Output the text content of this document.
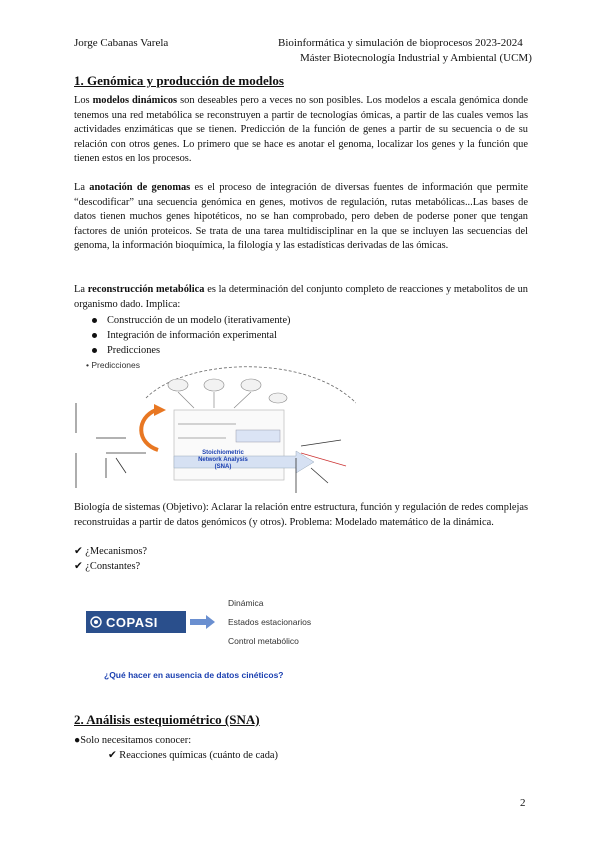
Jorge Cabanas Varela	Bioinformática y simulación de bioprocesos 2023-2024
Máster Biotecnología Industrial y Ambiental (UCM)
1. Genómica y producción de modelos
Los modelos dinámicos son deseables pero a veces no son posibles. Los modelos a escala genómica donde tenemos una red metabólica se reconstruyen a partir de tecnologías ómicas, a partir de las cuales vemos las actividades enzimáticas que se tienen. Predicción de la función de genes a partir de su secuencia o de su relación con otros genes. Lo primero que se hace es anotar el genoma, localizar los genes y la función que tienen estos en los procesos.
La anotación de genomas es el proceso de integración de diversas fuentes de información que permite “descodificar” una secuencia genómica en genes, motivos de regulación, rutas metabólicas...Las bases de datos tienen muchos genes hipotéticos, no se han comprobado, pero deben de poderse poner que tengan factores de unión proteicos. Se trata de una tarea multidisciplinar en la que se incluyen las secuencias del genoma, la información bioquímica, la filología y las estadísticas derivadas de las ómicas.
La reconstrucción metabólica es la determinación del conjunto completo de reacciones y metabolitos de un organismo dado. Implica:
Construcción de un modelo (iterativamente)
Integración de información experimental
Predicciones
• Predicciones
Stoichiometric
Network Analysis
(SNA)
Biología de sistemas (Objetivo): Aclarar la relación entre estructura, función y regulación de redes complejas reconstruidas a partir de datos genómicos (y otros). Problema: Modelado matemático de la dinámica.
✔ ¿Mecanismos?
✔ ¿Constantes?
COPASI
Dinámica
Estados estacionarios
Control metabólico
¿Qué hacer en ausencia de datos cinéticos?
2. Análisis estequiométrico (SNA)
●Solo necesitamos conocer:
✔ Reacciones químicas (cuánto de cada)
2
